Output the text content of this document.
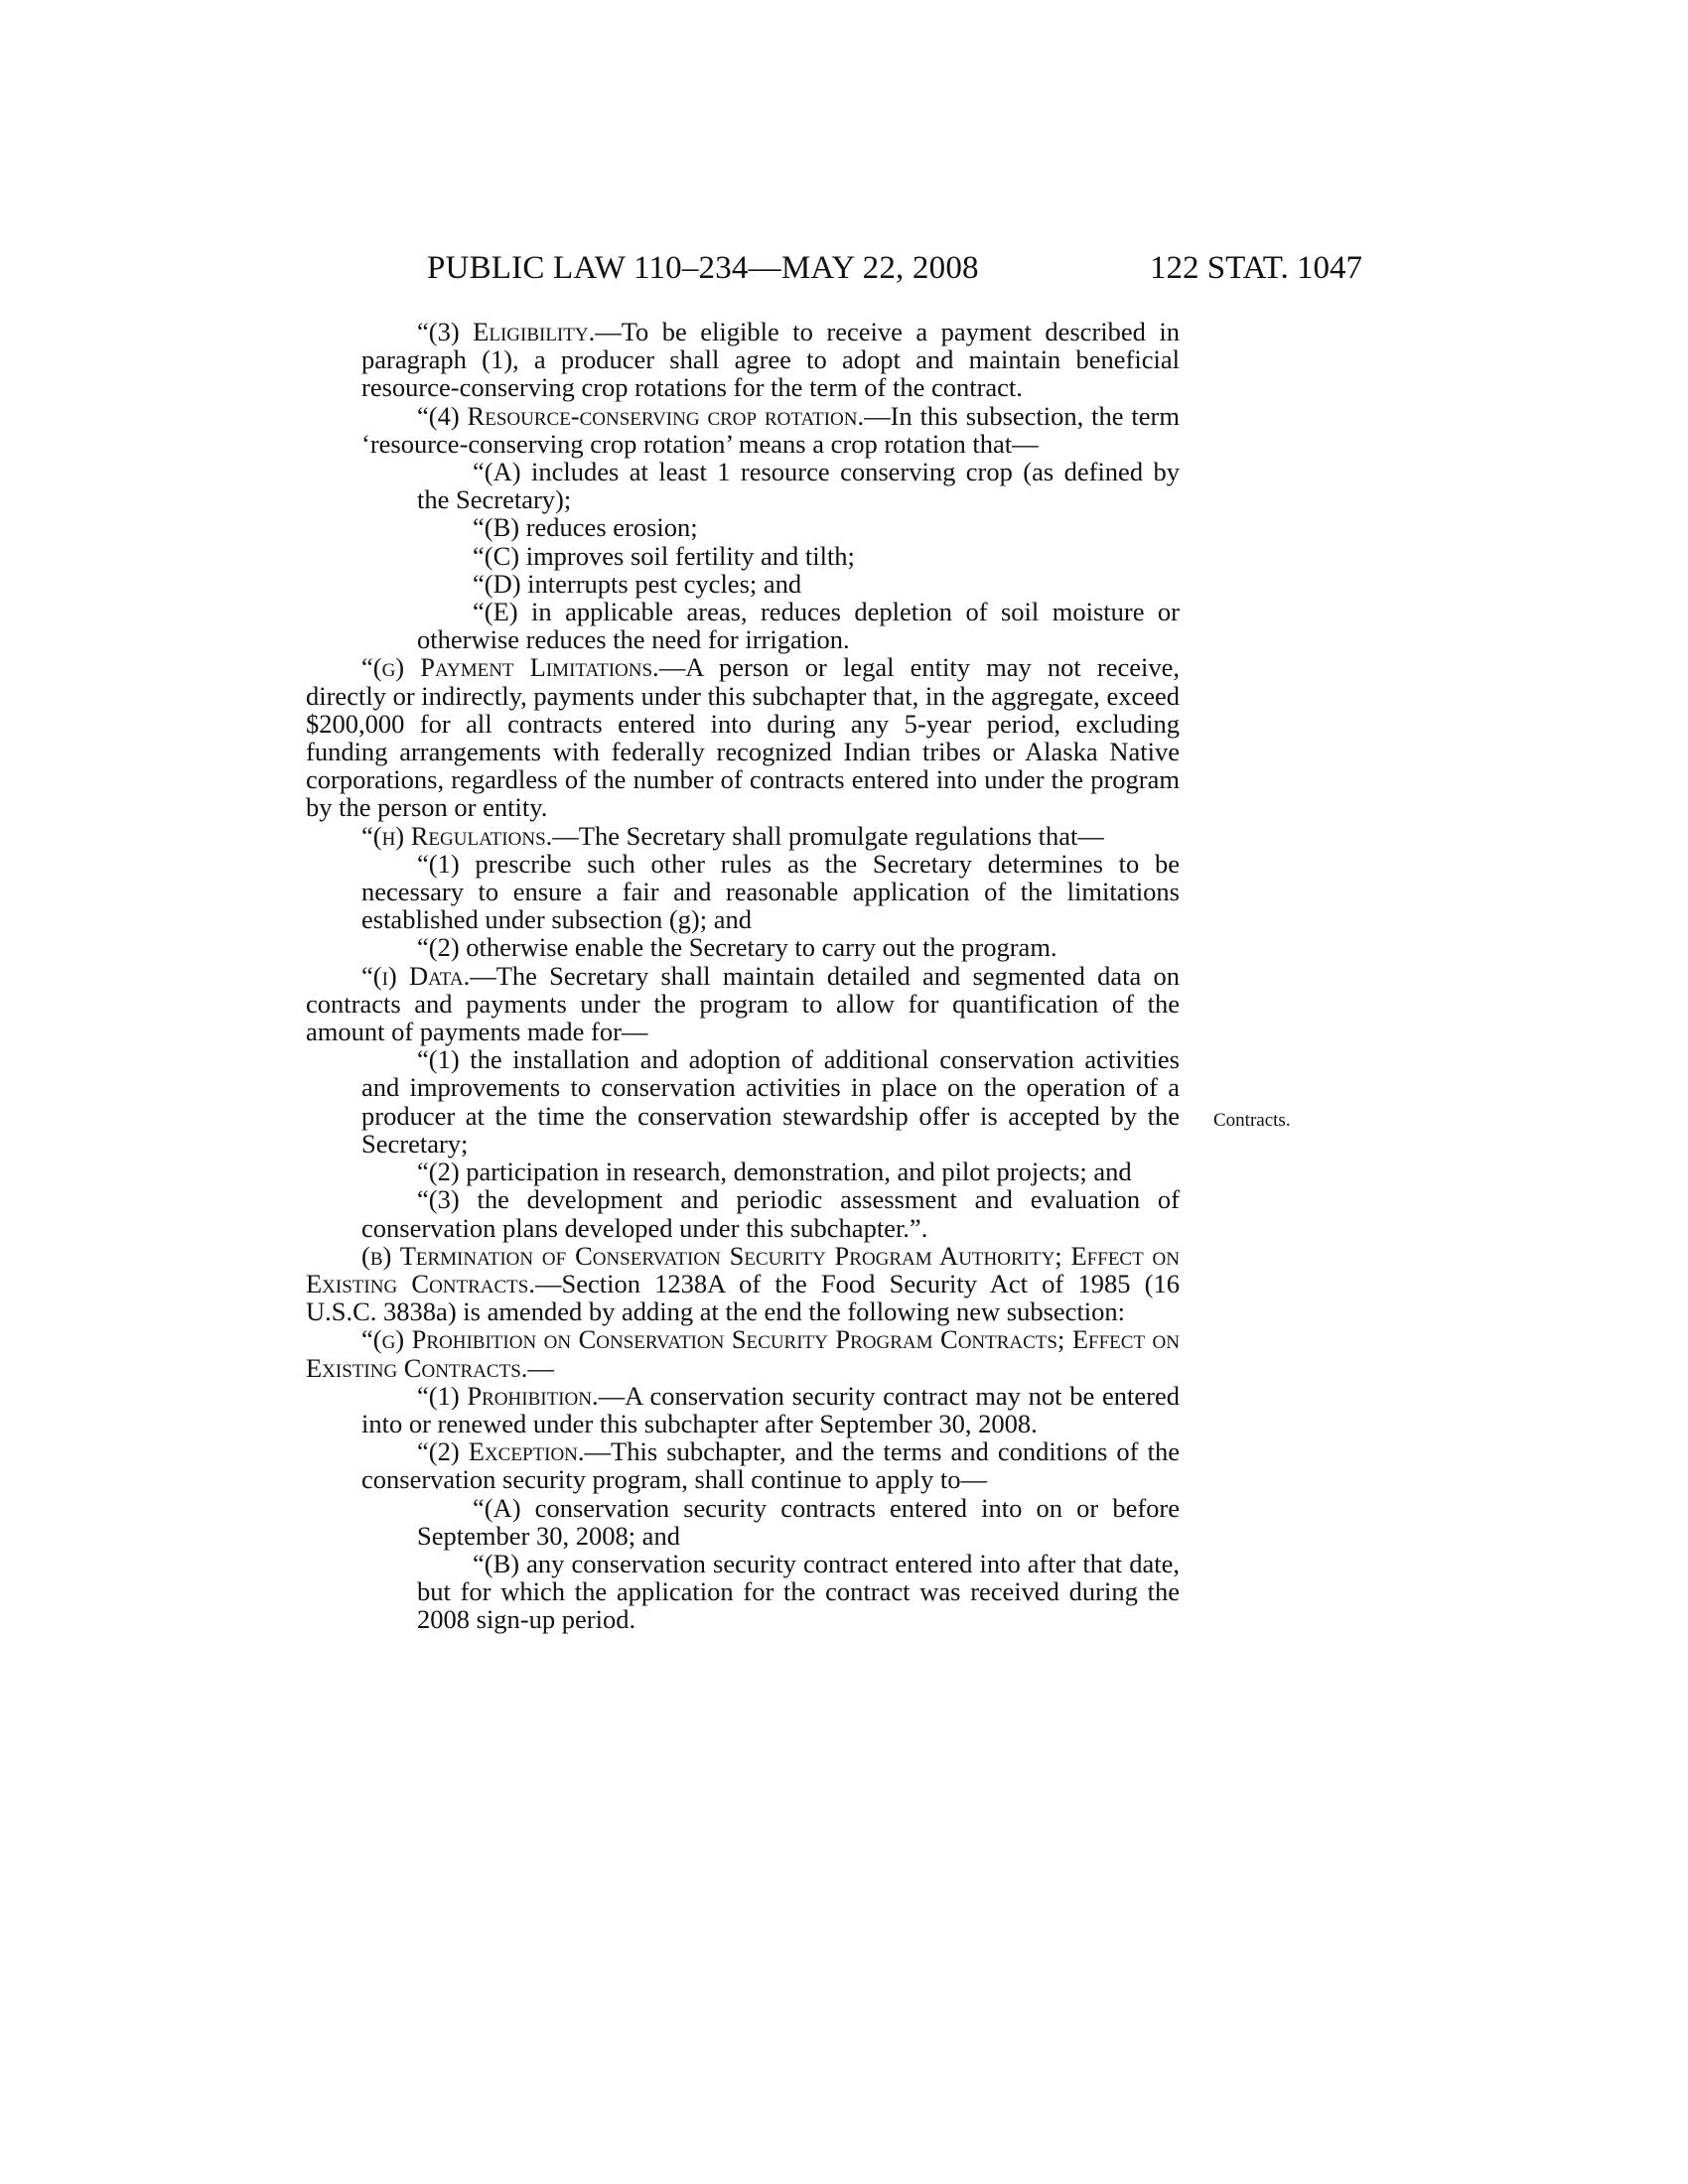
PUBLIC LAW 110–234—MAY 22, 2008	122 STAT. 1047
Contracts.

“(3) Eligibility.—To be eligible to receive a payment described in paragraph (1), a producer shall agree to adopt and maintain beneficial resource-conserving crop rotations for the term of the contract.

“(4) Resource-conserving crop rotation.—In this subsection, the term ‘resource-conserving crop rotation’ means a crop rotation that—

“(A) includes at least 1 resource conserving crop (as defined by the Secretary);

“(B) reduces erosion;

“(C) improves soil fertility and tilth;

“(D) interrupts pest cycles; and

“(E) in applicable areas, reduces depletion of soil moisture or otherwise reduces the need for irrigation.

“(g) Payment Limitations.—A person or legal entity may not receive, directly or indirectly, payments under this subchapter that, in the aggregate, exceed $200,000 for all contracts entered into during any 5-year period, excluding funding arrangements with federally recognized Indian tribes or Alaska Native corporations, regardless of the number of contracts entered into under the program by the person or entity.

“(h) Regulations.—The Secretary shall promulgate regulations that—

“(1) prescribe such other rules as the Secretary determines to be necessary to ensure a fair and reasonable application of the limitations established under subsection (g); and

“(2) otherwise enable the Secretary to carry out the program.

“(i) Data.—The Secretary shall maintain detailed and segmented data on contracts and payments under the program to allow for quantification of the amount of payments made for—

“(1) the installation and adoption of additional conservation activities and improvements to conservation activities in place on the operation of a producer at the time the conservation stewardship offer is accepted by the Secretary;

“(2) participation in research, demonstration, and pilot projects; and

“(3) the development and periodic assessment and evaluation of conservation plans developed under this subchapter.”.

(b) Termination of Conservation Security Program Authority; Effect on Existing Contracts.—Section 1238A of the Food Security Act of 1985 (16 U.S.C. 3838a) is amended by adding at the end the following new subsection:

“(g) Prohibition on Conservation Security Program Contracts; Effect on Existing Contracts.—

“(1) Prohibition.—A conservation security contract may not be entered into or renewed under this subchapter after September 30, 2008.

“(2) Exception.—This subchapter, and the terms and conditions of the conservation security program, shall continue to apply to—

“(A) conservation security contracts entered into on or before September 30, 2008; and

“(B) any conservation security contract entered into after that date, but for which the application for the contract was received during the 2008 sign-up period.
